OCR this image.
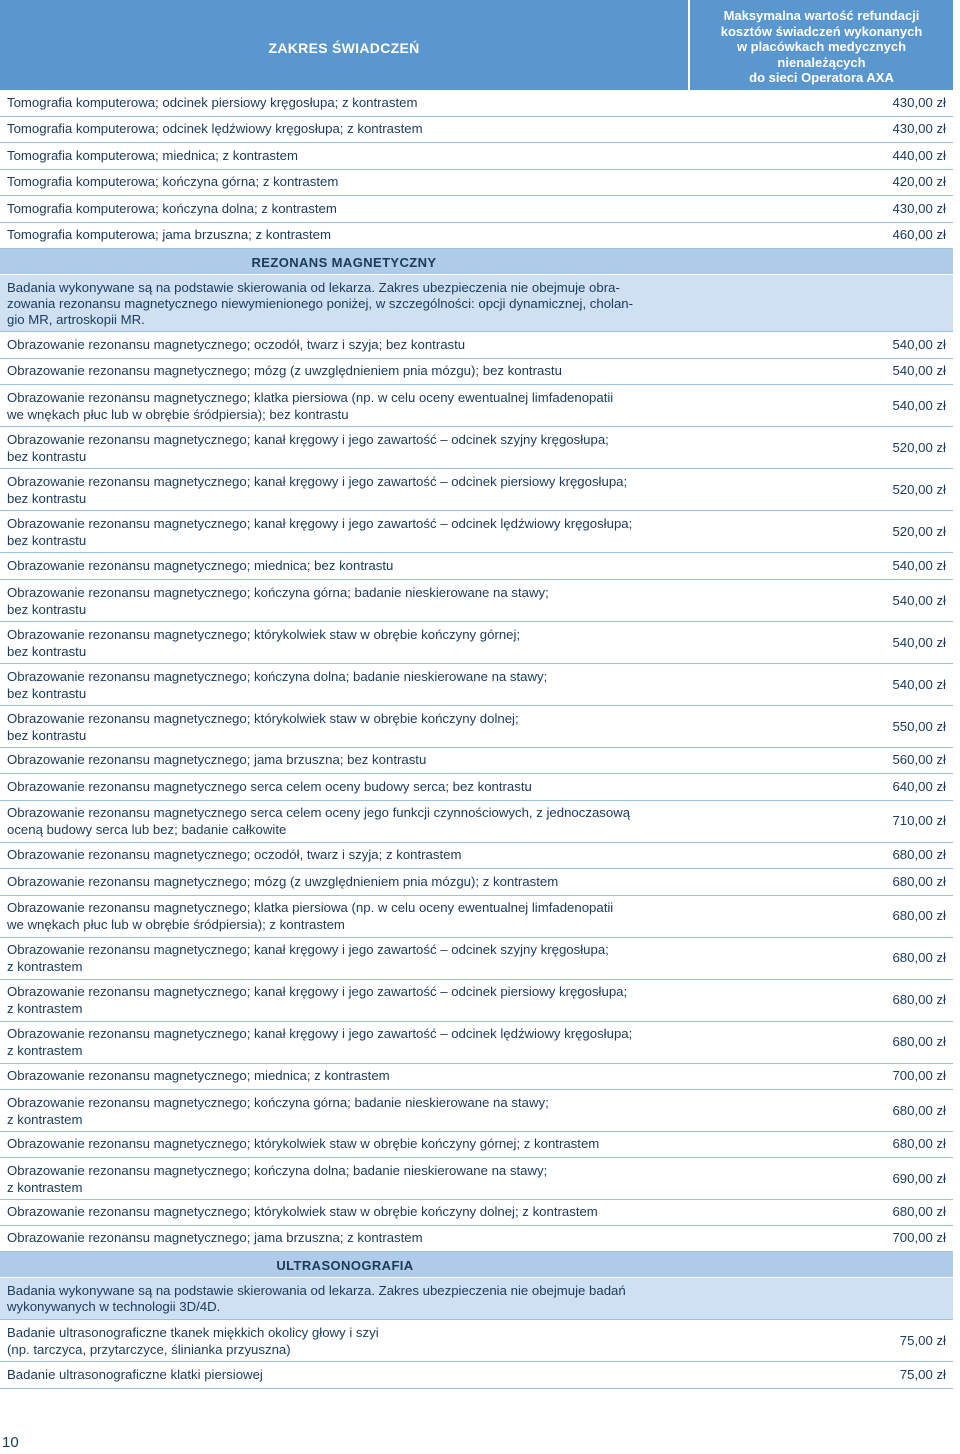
ZAKRES ŚWIADCZEŃ
Maksymalna wartość refundacji
kosztów świadczeń wykonanych
w placówkach medycznych
nienależących
do sieci Operatora AXA
Tomografia komputerowa; odcinek piersiowy kręgosłupa; z kontrastem	430,00 zł
Tomografia komputerowa; odcinek lędźwiowy kręgosłupa; z kontrastem	430,00 zł
Tomografia komputerowa; miednica; z kontrastem	440,00 zł
Tomografia komputerowa; kończyna górna; z kontrastem	420,00 zł
Tomografia komputerowa; kończyna dolna; z kontrastem	430,00 zł
Tomografia komputerowa; jama brzuszna; z kontrastem	460,00 zł
REZONANS MAGNETYCZNY
Badania wykonywane są na podstawie skierowania od lekarza. Zakres ubezpieczenia nie obejmuje obra-
zowania rezonansu magnetycznego niewymienionego poniżej, w szczególności: opcji dynamicznej, cholan-
gio MR, artroskopii MR.
Obrazowanie rezonansu magnetycznego; oczodół, twarz i szyja; bez kontrastu	540,00 zł
Obrazowanie rezonansu magnetycznego; mózg (z uwzględnieniem pnia mózgu); bez kontrastu	540,00 zł
Obrazowanie rezonansu magnetycznego; klatka piersiowa (np. w celu oceny ewentualnej limfadenopatii
we wnękach płuc lub w obrębie śródpiersia); bez kontrastu
540,00 zł
Obrazowanie rezonansu magnetycznego; kanał kręgowy i jego zawartość – odcinek szyjny kręgosłupa;
bez kontrastu
520,00 zł
Obrazowanie rezonansu magnetycznego; kanał kręgowy i jego zawartość – odcinek piersiowy kręgosłupa;
bez kontrastu
520,00 zł
Obrazowanie rezonansu magnetycznego; kanał kręgowy i jego zawartość – odcinek lędźwiowy kręgosłupa;
bez kontrastu
520,00 zł
Obrazowanie rezonansu magnetycznego; miednica; bez kontrastu	540,00 zł
Obrazowanie rezonansu magnetycznego; kończyna górna; badanie nieskierowane na stawy;
bez kontrastu
540,00 zł
Obrazowanie rezonansu magnetycznego; którykolwiek staw w obrębie kończyny górnej;
bez kontrastu
540,00 zł
Obrazowanie rezonansu magnetycznego; kończyna dolna; badanie nieskierowane na stawy;
bez kontrastu
540,00 zł
Obrazowanie rezonansu magnetycznego; którykolwiek staw w obrębie kończyny dolnej;
bez kontrastu
550,00 zł
Obrazowanie rezonansu magnetycznego; jama brzuszna; bez kontrastu	560,00 zł
Obrazowanie rezonansu magnetycznego serca celem oceny budowy serca; bez kontrastu	640,00 zł
Obrazowanie rezonansu magnetycznego serca celem oceny jego funkcji czynnościowych, z jednoczasową
oceną budowy serca lub bez; badanie całkowite
710,00 zł
Obrazowanie rezonansu magnetycznego; oczodół, twarz i szyja; z kontrastem	680,00 zł
Obrazowanie rezonansu magnetycznego; mózg (z uwzględnieniem pnia mózgu); z kontrastem	680,00 zł
Obrazowanie rezonansu magnetycznego; klatka piersiowa (np. w celu oceny ewentualnej limfadenopatii
we wnękach płuc lub w obrębie śródpiersia); z kontrastem
680,00 zł
Obrazowanie rezonansu magnetycznego; kanał kręgowy i jego zawartość – odcinek szyjny kręgosłupa;
z kontrastem
680,00 zł
Obrazowanie rezonansu magnetycznego; kanał kręgowy i jego zawartość – odcinek piersiowy kręgosłupa;
z kontrastem
680,00 zł
Obrazowanie rezonansu magnetycznego; kanał kręgowy i jego zawartość – odcinek lędźwiowy kręgosłupa;
z kontrastem
680,00 zł
Obrazowanie rezonansu magnetycznego; miednica; z kontrastem	700,00 zł
Obrazowanie rezonansu magnetycznego; kończyna górna; badanie nieskierowane na stawy;
z kontrastem
680,00 zł
Obrazowanie rezonansu magnetycznego; którykolwiek staw w obrębie kończyny górnej; z kontrastem	680,00 zł
Obrazowanie rezonansu magnetycznego; kończyna dolna; badanie nieskierowane na stawy;
z kontrastem
690,00 zł
Obrazowanie rezonansu magnetycznego; którykolwiek staw w obrębie kończyny dolnej; z kontrastem	680,00 zł
Obrazowanie rezonansu magnetycznego; jama brzuszna; z kontrastem	700,00 zł
ULTRASONOGRAFIA
Badania wykonywane są na podstawie skierowania od lekarza. Zakres ubezpieczenia nie obejmuje badań
wykonywanych w technologii 3D/4D.
Badanie ultrasonograficzne tkanek miękkich okolicy głowy i szyi
(np. tarczyca, przytarczyce, ślinianka przyuszna)
75,00 zł
Badanie ultrasonograficzne klatki piersiowej	75,00 zł
10
